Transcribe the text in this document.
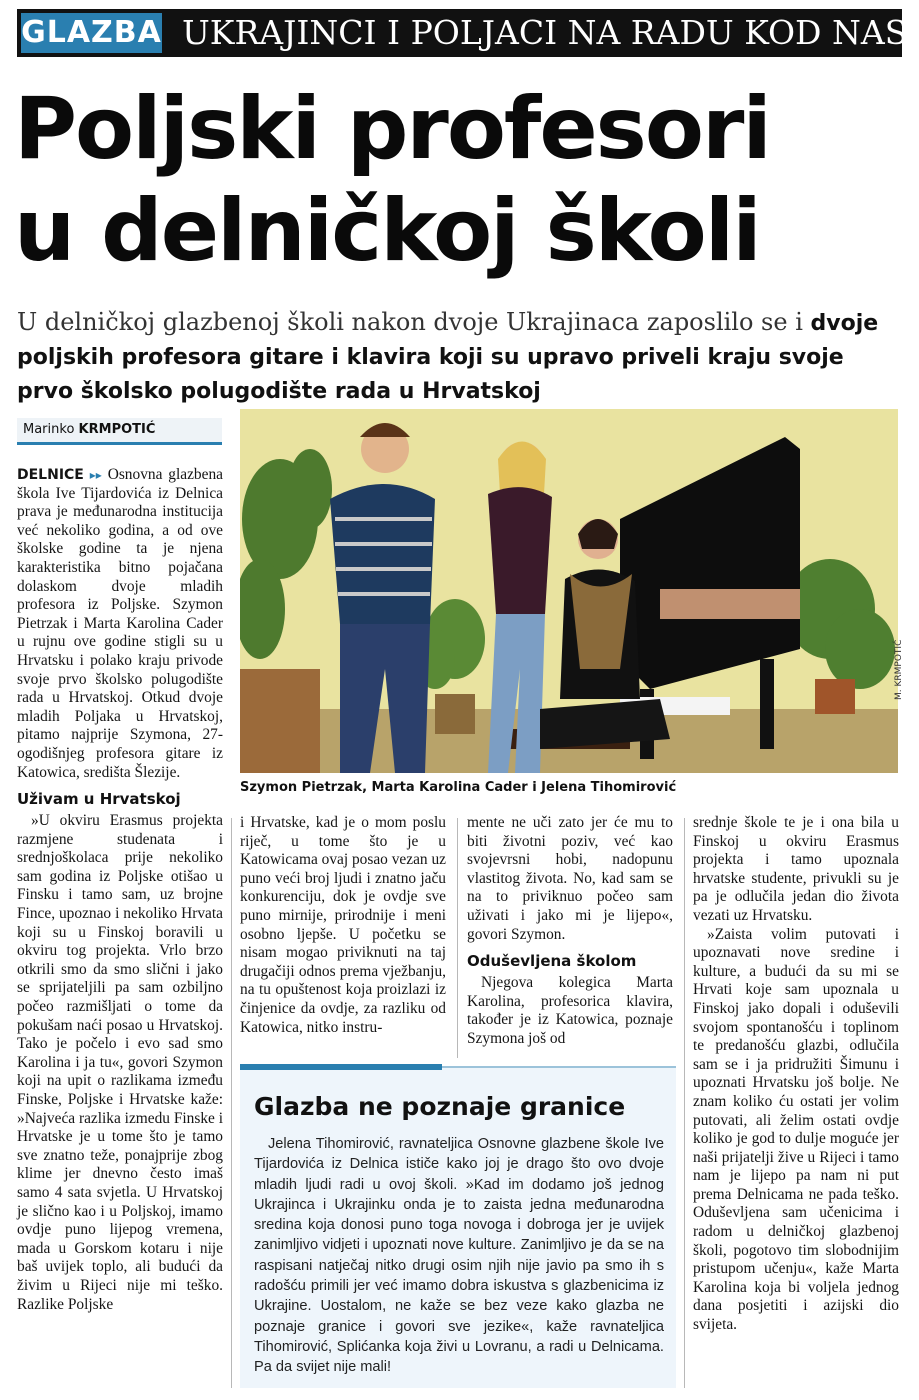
GLAZBA UKRAJINCI I POLJACI NA RADU KOD NAS
Poljski profesori
u delničkoj školi
U delničkoj glazbenoj školi nakon dvoje Ukrajinaca zaposlilo se i dvoje poljskih profesora gitare i klavira koji su upravo priveli kraju svoje prvo školsko polugodište rada u Hrvatskoj
Marinko KRMPOTIĆ

DELNICE ▸▸ Osnovna glazbena škola Ive Tijardovića iz Delnica prava je međunarodna institucija već nekoliko godina, a od ove školske godine ta je njena karakteristika bitno pojačana dolaskom dvoje mladih profesora iz Poljske. Szymon Pietrzak i Marta Karolina Cader u rujnu ove godine stigli su u Hrvatsku i polako kraju privode svoje prvo školsko polugodište rada u Hrvatskoj. Otkud dvoje mladih Poljaka u Hrvatskoj, pitamo najprije Szymona, 27-ogodišnjeg profesora gitare iz Katowica, središta Šlezije.

Uživam u Hrvatskoj

»U okviru Erasmus projekta razmjene studenata i srednjoškolaca prije nekoliko sam godina iz Poljske otišao u Finsku i tamo sam, uz brojne Fince, upoznao i nekoliko Hrvata koji su u Finskoj boravili u okviru tog projekta. Vrlo brzo otkrili smo da smo slični i jako se sprijateljili pa sam ozbiljno počeo razmišljati o tome da pokušam naći posao u Hrvatskoj. Tako je počelo i evo sad smo Karolina i ja tu«, govori Szymon koji na upit o razlikama između Finske, Poljske i Hrvatske kaže: »Najveća razlika izmedu Finske i Hrvatske je u tome što je tamo sve znatno teže, ponajprije zbog klime jer dnevno često imaš samo 4 sata svjetla. U Hrvatskoj je slično kao i u Poljskoj, imamo ovdje puno lijepog vremena, mada u Gorskom kotaru i nije baš uvijek toplo, ali budući da živim u Rijeci nije mi teško. Razlike Poljske

M. KRMPOTIĆ
Szymon Pietrzak, Marta Karolina Cader i Jelena Tihomirović

i Hrvatske, kad je o mom poslu riječ, u tome što je u Katowicama ovaj posao vezan uz puno veći broj ljudi i znatno jaču konkurenciju, dok je ovdje sve puno mirnije, prirodnije i meni osobno ljepše. U početku se nisam mogao priviknuti na taj drugačiji odnos prema vježbanju, na tu opuštenost koja proizlazi iz činjenice da ovdje, za razliku od Katowica, nitko instru-

mente ne uči zato jer će mu to biti životni poziv, već kao svojevrsni hobi, nadopunu vlastitog života. No, kad sam se na to priviknuo počeo sam uživati i jako mi je lijepo«, govori Szymon.

Oduševljena školom

Njegova kolegica Marta Karolina, profesorica klavira, također je iz Katowica, poznaje Szymona još od

srednje škole te je i ona bila u Finskoj u okviru Erasmus projekta i tamo upoznala hrvatske studente, privukli su je pa je odlučila jedan dio života vezati uz Hrvatsku.

»Zaista volim putovati i upoznavati nove sredine i kulture, a budući da su mi se Hrvati koje sam upoznala u Finskoj jako dopali i oduševili svojom spontanošću i toplinom te predanošću glazbi, odlučila sam se i ja pridružiti Šimunu i upoznati Hrvatsku još bolje. Ne znam koliko ću ostati jer volim putovati, ali želim ostati ovdje koliko je god to dulje moguće jer naši prijatelji žive u Rijeci i tamo nam je lijepo pa nam ni put prema Delnicama ne pada teško. Oduševljena sam učenicima i radom u delničkoj glazbenoj školi, pogotovo tim slobodnijim pristupom učenju«, kaže Marta Karolina koja bi voljela jednog dana posjetiti i azijski dio svijeta.

Glazba ne poznaje granice
Jelena Tihomirović, ravnateljica Osnovne glazbene škole Ive Tijardovića iz Delnica ističe kako joj je drago što ovo dvoje mladih ljudi radi u ovoj školi. »Kad im dodamo još jednog Ukrajinca i Ukrajinku onda je to zaista jedna međunarodna sredina koja donosi puno toga novoga i dobroga jer je uvijek zanimljivo vidjeti i upoznati nove kulture. Zanimljivo je da se na raspisani natječaj nitko drugi osim njih nije javio pa smo ih s radošću primili jer već imamo dobra iskustva s glazbenicima iz Ukrajine. Uostalom, ne kaže se bez veze kako glazba ne poznaje granice i govori sve jezike«, kaže ravnateljica Tihomirović, Splićanka koja živi u Lovranu, a radi u Delnicama. Pa da svijet nije mali!
